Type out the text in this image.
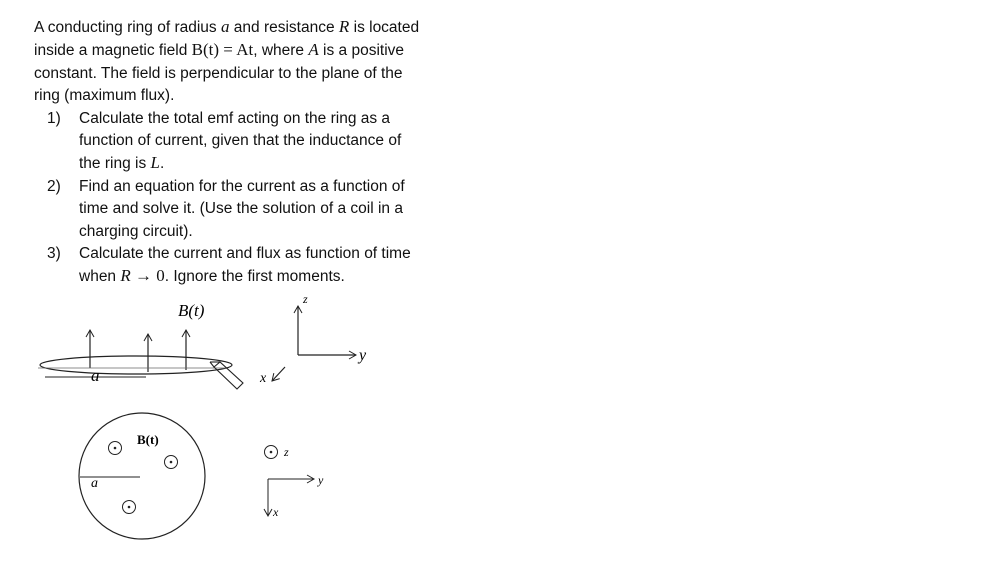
A conducting ring of radius a and resistance R is located inside a magnetic field B(t) = At, where A is a positive constant. The field is perpendicular to the plane of the ring (maximum flux).

1) Calculate the total emf acting on the ring as a function of current, given that the inductance of the ring is L.
2) Find an equation for the current as a function of time and solve it. (Use the solution of a coil in a charging circuit).
3) Calculate the current and flux as function of time when R → 0. Ignore the first moments.
B(t)
a
z
y
x
B(t)
a
z
y
x
